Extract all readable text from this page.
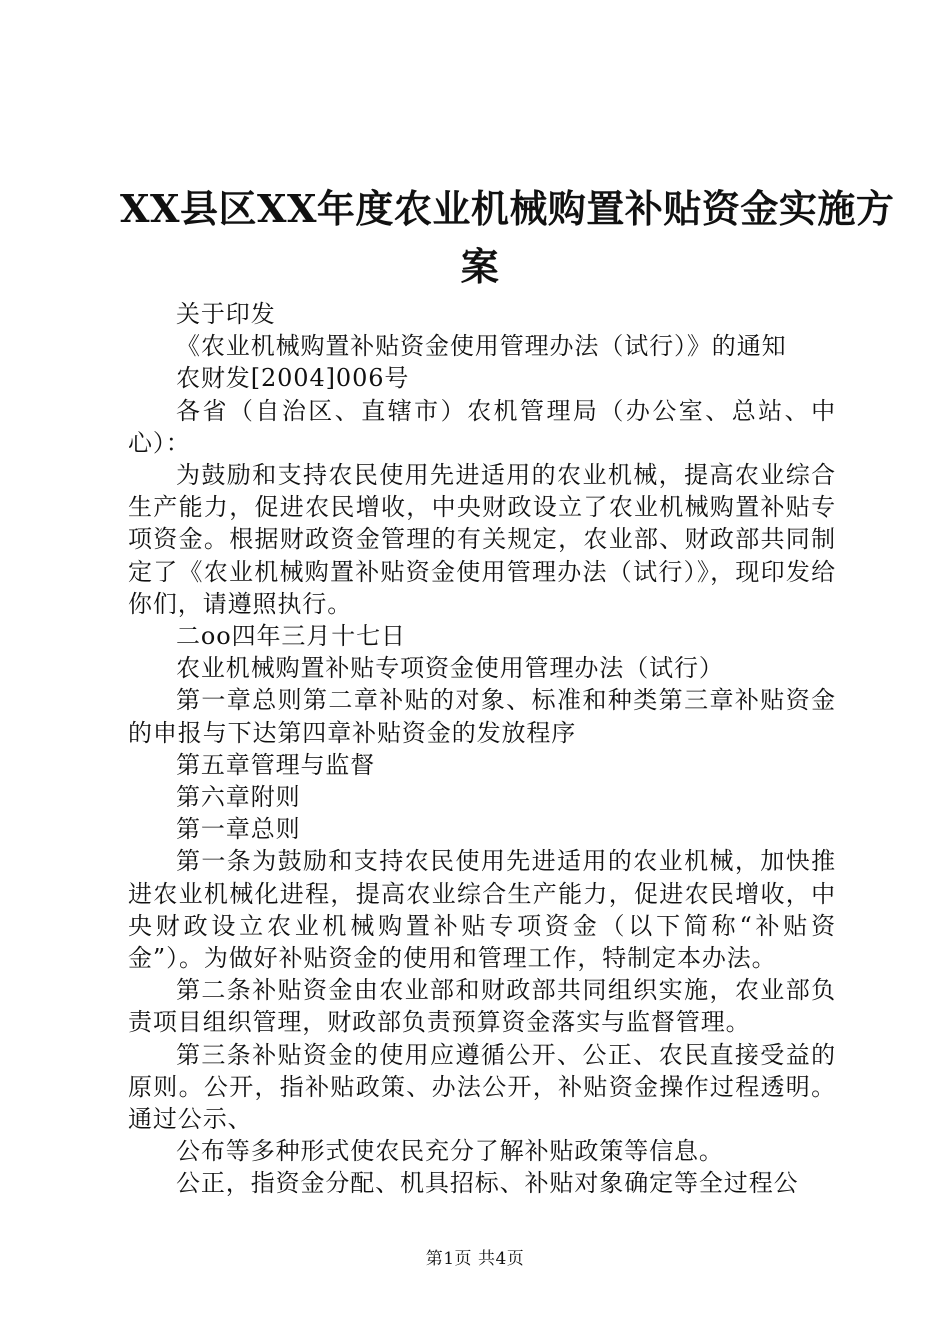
XX县区XX年度农业机械购置补贴资金实施方
案

关于印发

《农业机械购置补贴资金使用管理办法（试行）》的通知

农财发[2004]006号

各省（自治区、直辖市）农机管理局（办公室、总站、中心）：

为鼓励和支持农民使用先进适用的农业机械，提高农业综合生产能力，促进农民增收，中央财政设立了农业机械购置补贴专项资金。根据财政资金管理的有关规定，农业部、财政部共同制定了《农业机械购置补贴资金使用管理办法（试行）》，现印发给你们，请遵照执行。

二oo四年三月十七日

农业机械购置补贴专项资金使用管理办法（试行）

第一章总则第二章补贴的对象、标准和种类第三章补贴资金的申报与下达第四章补贴资金的发放程序

第五章管理与监督

第六章附则

第一章总则

第一条为鼓励和支持农民使用先进适用的农业机械，加快推进农业机械化进程，提高农业综合生产能力，促进农民增收，中央财政设立农业机械购置补贴专项资金（以下简称“补贴资金”）。为做好补贴资金的使用和管理工作，特制定本办法。

第二条补贴资金由农业部和财政部共同组织实施，农业部负责项目组织管理，财政部负责预算资金落实与监督管理。

第三条补贴资金的使用应遵循公开、公正、农民直接受益的原则。公开，指补贴政策、办法公开，补贴资金操作过程透明。通过公示、

公布等多种形式使农民充分了解补贴政策等信息。

公正，指资金分配、机具招标、补贴对象确定等全过程公

第1页 共4页
